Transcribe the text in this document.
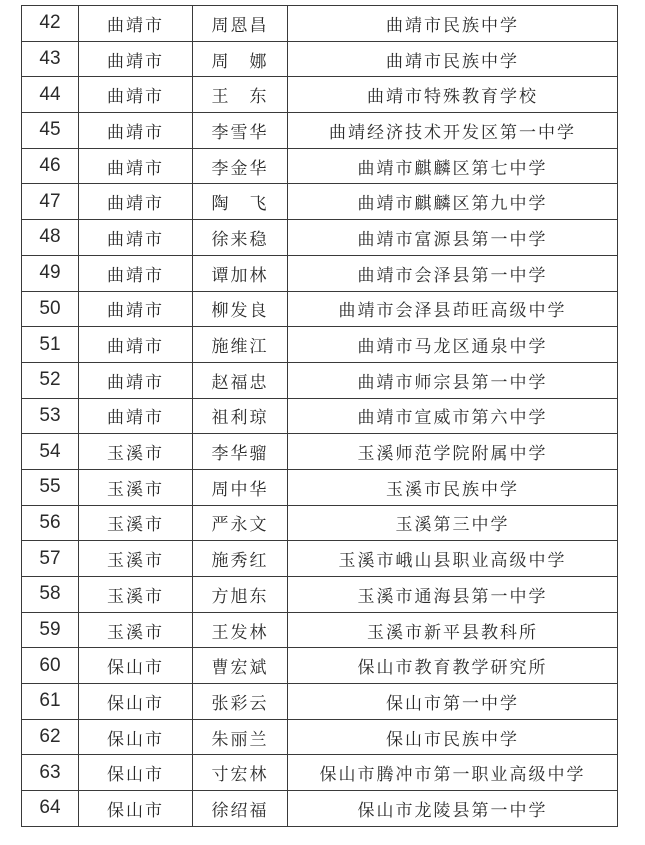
42	曲靖市	周恩昌	曲靖市民族中学
43	曲靖市	周　娜	曲靖市民族中学
44	曲靖市	王　东	曲靖市特殊教育学校
45	曲靖市	李雪华	曲靖经济技术开发区第一中学
46	曲靖市	李金华	曲靖市麒麟区第七中学
47	曲靖市	陶　飞	曲靖市麒麟区第九中学
48	曲靖市	徐来稳	曲靖市富源县第一中学
49	曲靖市	谭加林	曲靖市会泽县第一中学
50	曲靖市	柳发良	曲靖市会泽县茚旺高级中学
51	曲靖市	施维江	曲靖市马龙区通泉中学
52	曲靖市	赵福忠	曲靖市师宗县第一中学
53	曲靖市	祖利琼	曲靖市宣威市第六中学
54	玉溪市	李华骝	玉溪师范学院附属中学
55	玉溪市	周中华	玉溪市民族中学
56	玉溪市	严永文	玉溪第三中学
57	玉溪市	施秀红	玉溪市峨山县职业高级中学
58	玉溪市	方旭东	玉溪市通海县第一中学
59	玉溪市	王发林	玉溪市新平县教科所
60	保山市	曹宏斌	保山市教育教学研究所
61	保山市	张彩云	保山市第一中学
62	保山市	朱丽兰	保山市民族中学
63	保山市	寸宏林	保山市腾冲市第一职业高级中学
64	保山市	徐绍福	保山市龙陵县第一中学
